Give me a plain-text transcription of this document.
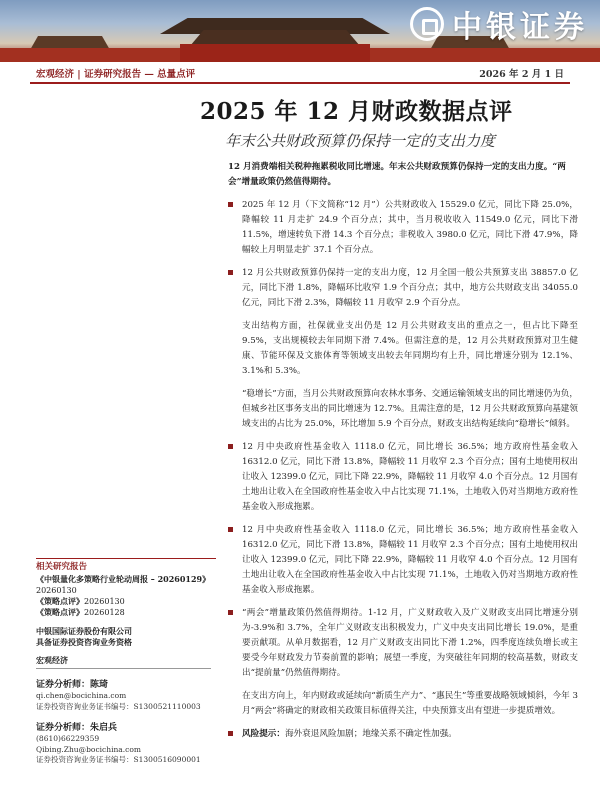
中银证券
宏观经济 | 证券研究报告 — 总量点评	2026 年 2 月 1 日
2025 年 12 月财政数据点评
年末公共财政预算仍保持一定的支出力度

12 月消费端相关税种拖累税收同比增速。年末公共财政预算仍保持一定的支出力度。“两会”增量政策仍然值得期待。

2025 年 12 月（下文简称“12 月”）公共财政收入 15529.0 亿元，同比下降 25.0%，降幅较 11 月走扩 24.9 个百分点；其中，当月税收收入 11549.0 亿元，同比下滑 11.5%，增速转负下滑 14.3 个百分点；非税收入 3980.0 亿元，同比下滑 47.9%，降幅较上月明显走扩 37.1 个百分点。
12 月公共财政预算仍保持一定的支出力度，12 月全国一般公共预算支出 38857.0 亿元，同比下滑 1.8%，降幅环比收窄 1.9 个百分点；其中，地方公共财政支出 34055.0 亿元，同比下滑 2.3%，降幅较 11 月收窄 2.9 个百分点。
支出结构方面，社保就业支出仍是 12 月公共财政支出的重点之一，但占比下降至 9.5%，支出规模较去年同期下滑 7.4%。但需注意的是，12 月公共财政预算对卫生健康、节能环保及文旅体育等领域支出较去年同期均有上升，同比增速分别为 12.1%、3.1%和 5.3%。
“稳增长”方面，当月公共财政预算向农林水事务、交通运输领域支出的同比增速仍为负，但城乡社区事务支出的同比增速为 12.7%。且需注意的是，12 月公共财政预算向基建领域支出的占比为 25.0%，环比增加 5.9 个百分点，财政支出结构延续向“稳增长”倾斜。
12 月中央政府性基金收入 1118.0 亿元，同比增长 36.5%；地方政府性基金收入 16312.0 亿元，同比下滑 13.8%，降幅较 11 月收窄 2.3 个百分点；国有土地使用权出让收入 12399.0 亿元，同比下降 22.9%，降幅较 11 月收窄 4.0 个百分点。12 月国有土地出让收入在全国政府性基金收入中占比实现 71.1%，土地收入仍对当期地方政府性基金收入形成拖累。
12 月中央政府性基金收入 1118.0 亿元，同比增长 36.5%；地方政府性基金收入 16312.0 亿元，同比下滑 13.8%，降幅较 11 月收窄 2.3 个百分点；国有土地使用权出让收入 12399.0 亿元，同比下降 22.9%，降幅较 11 月收窄 4.0 个百分点。12 月国有土地出让收入在全国政府性基金收入中占比实现 71.1%，土地收入仍对当期地方政府性基金收入形成拖累。
“两会”增量政策仍然值得期待。1-12 月，广义财政收入及广义财政支出同比增速分别为-3.9%和 3.7%，全年广义财政支出积极发力，广义中央支出同比增长 19.0%，是重要贡献项。从单月数据看，12 月广义财政支出同比下滑 1.2%，四季度连续负增长或主要受今年财政发力节奏前置的影响；展望一季度，为突破往年同期的较高基数，财政支出“提前量”仍然值得期待。
在支出方向上，年内财政或延续向“新质生产力”、“惠民生”等重要战略领域倾斜，今年 3 月“两会”将确定的财政相关政策目标值得关注，中央预算支出有望进一步提质增效。
风险提示：海外衰退风险加剧；地缘关系不确定性加强。
相关研究报告
《中银量化多策略行业轮动周报 – 20260129》
20260130
《策略点评》20260130
《策略点评》20260128
中银国际证券股份有限公司
具备证券投资咨询业务资格
宏观经济
证券分析师：陈琦
qi.chen@bocichina.com
证券投资咨询业务证书编号：S1300521110003
证券分析师：朱启兵
(8610)66229359
Qibing.Zhu@bocichina.com
证券投资咨询业务证书编号：S1300516090001
